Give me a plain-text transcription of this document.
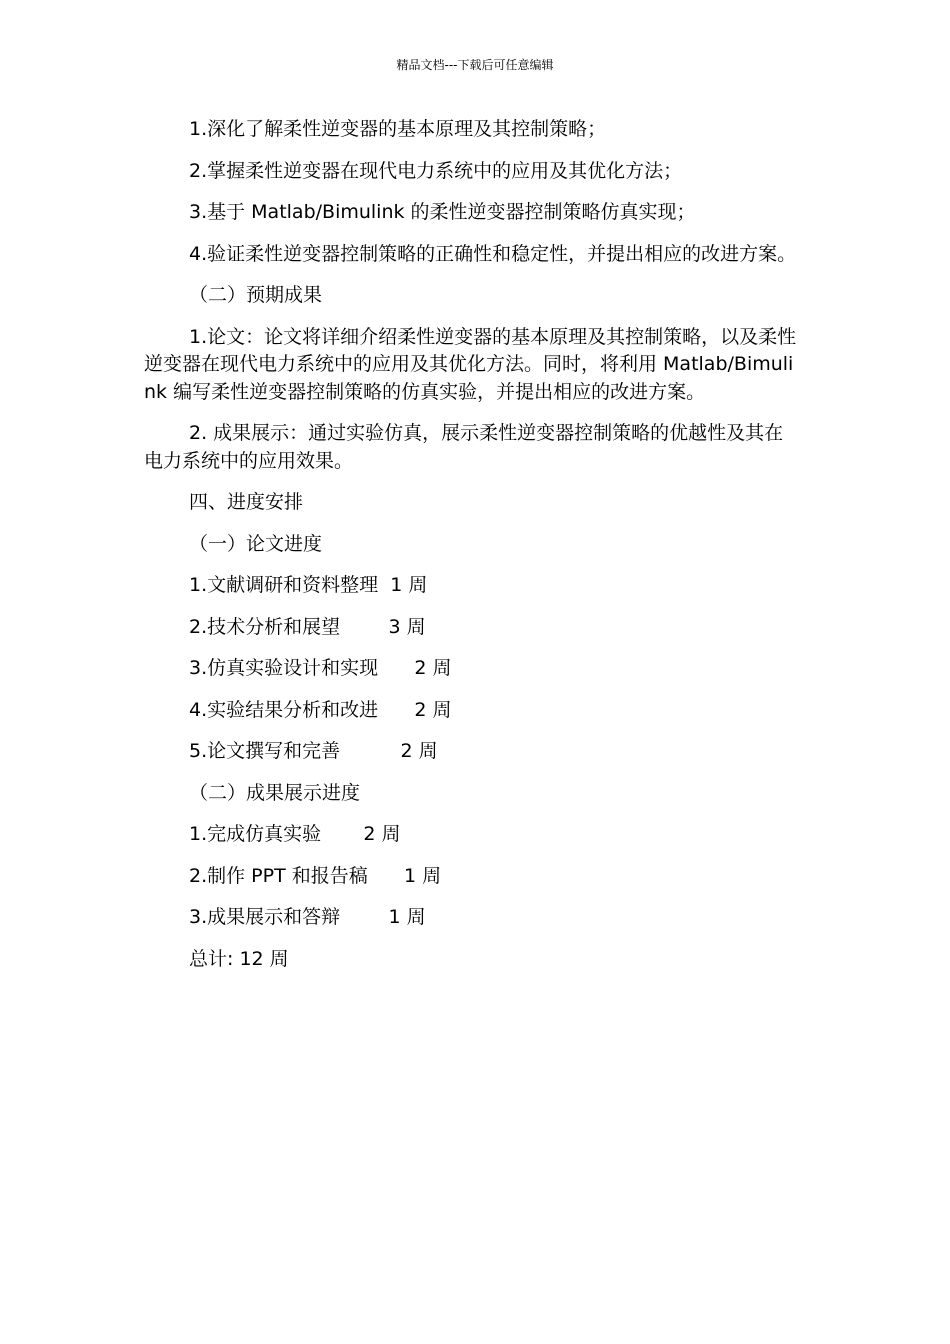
精品文档---下载后可任意编辑

1.深化了解柔性逆变器的基本原理及其控制策略；

2.掌握柔性逆变器在现代电力系统中的应用及其优化方法；

3.基于 Matlab/Bimulink 的柔性逆变器控制策略仿真实现；

4.验证柔性逆变器控制策略的正确性和稳定性，并提出相应的改进方案。

（二）预期成果

1.论文：论文将详细介绍柔性逆变器的基本原理及其控制策略，以及柔性逆变器在现代电力系统中的应用及其优化方法。同时，将利用 Matlab/Bimulink 编写柔性逆变器控制策略的仿真实验，并提出相应的改进方案。

2. 成果展示：通过实验仿真，展示柔性逆变器控制策略的优越性及其在电力系统中的应用效果。

四、进度安排

（一）论文进度

1.文献调研和资料整理  1 周

2.技术分析和展望        3 周

3.仿真实验设计和实现      2 周

4.实验结果分析和改进      2 周

5.论文撰写和完善          2 周

（二）成果展示进度

1.完成仿真实验       2 周

2.制作 PPT 和报告稿      1 周

3.成果展示和答辩        1 周

总计: 12 周
